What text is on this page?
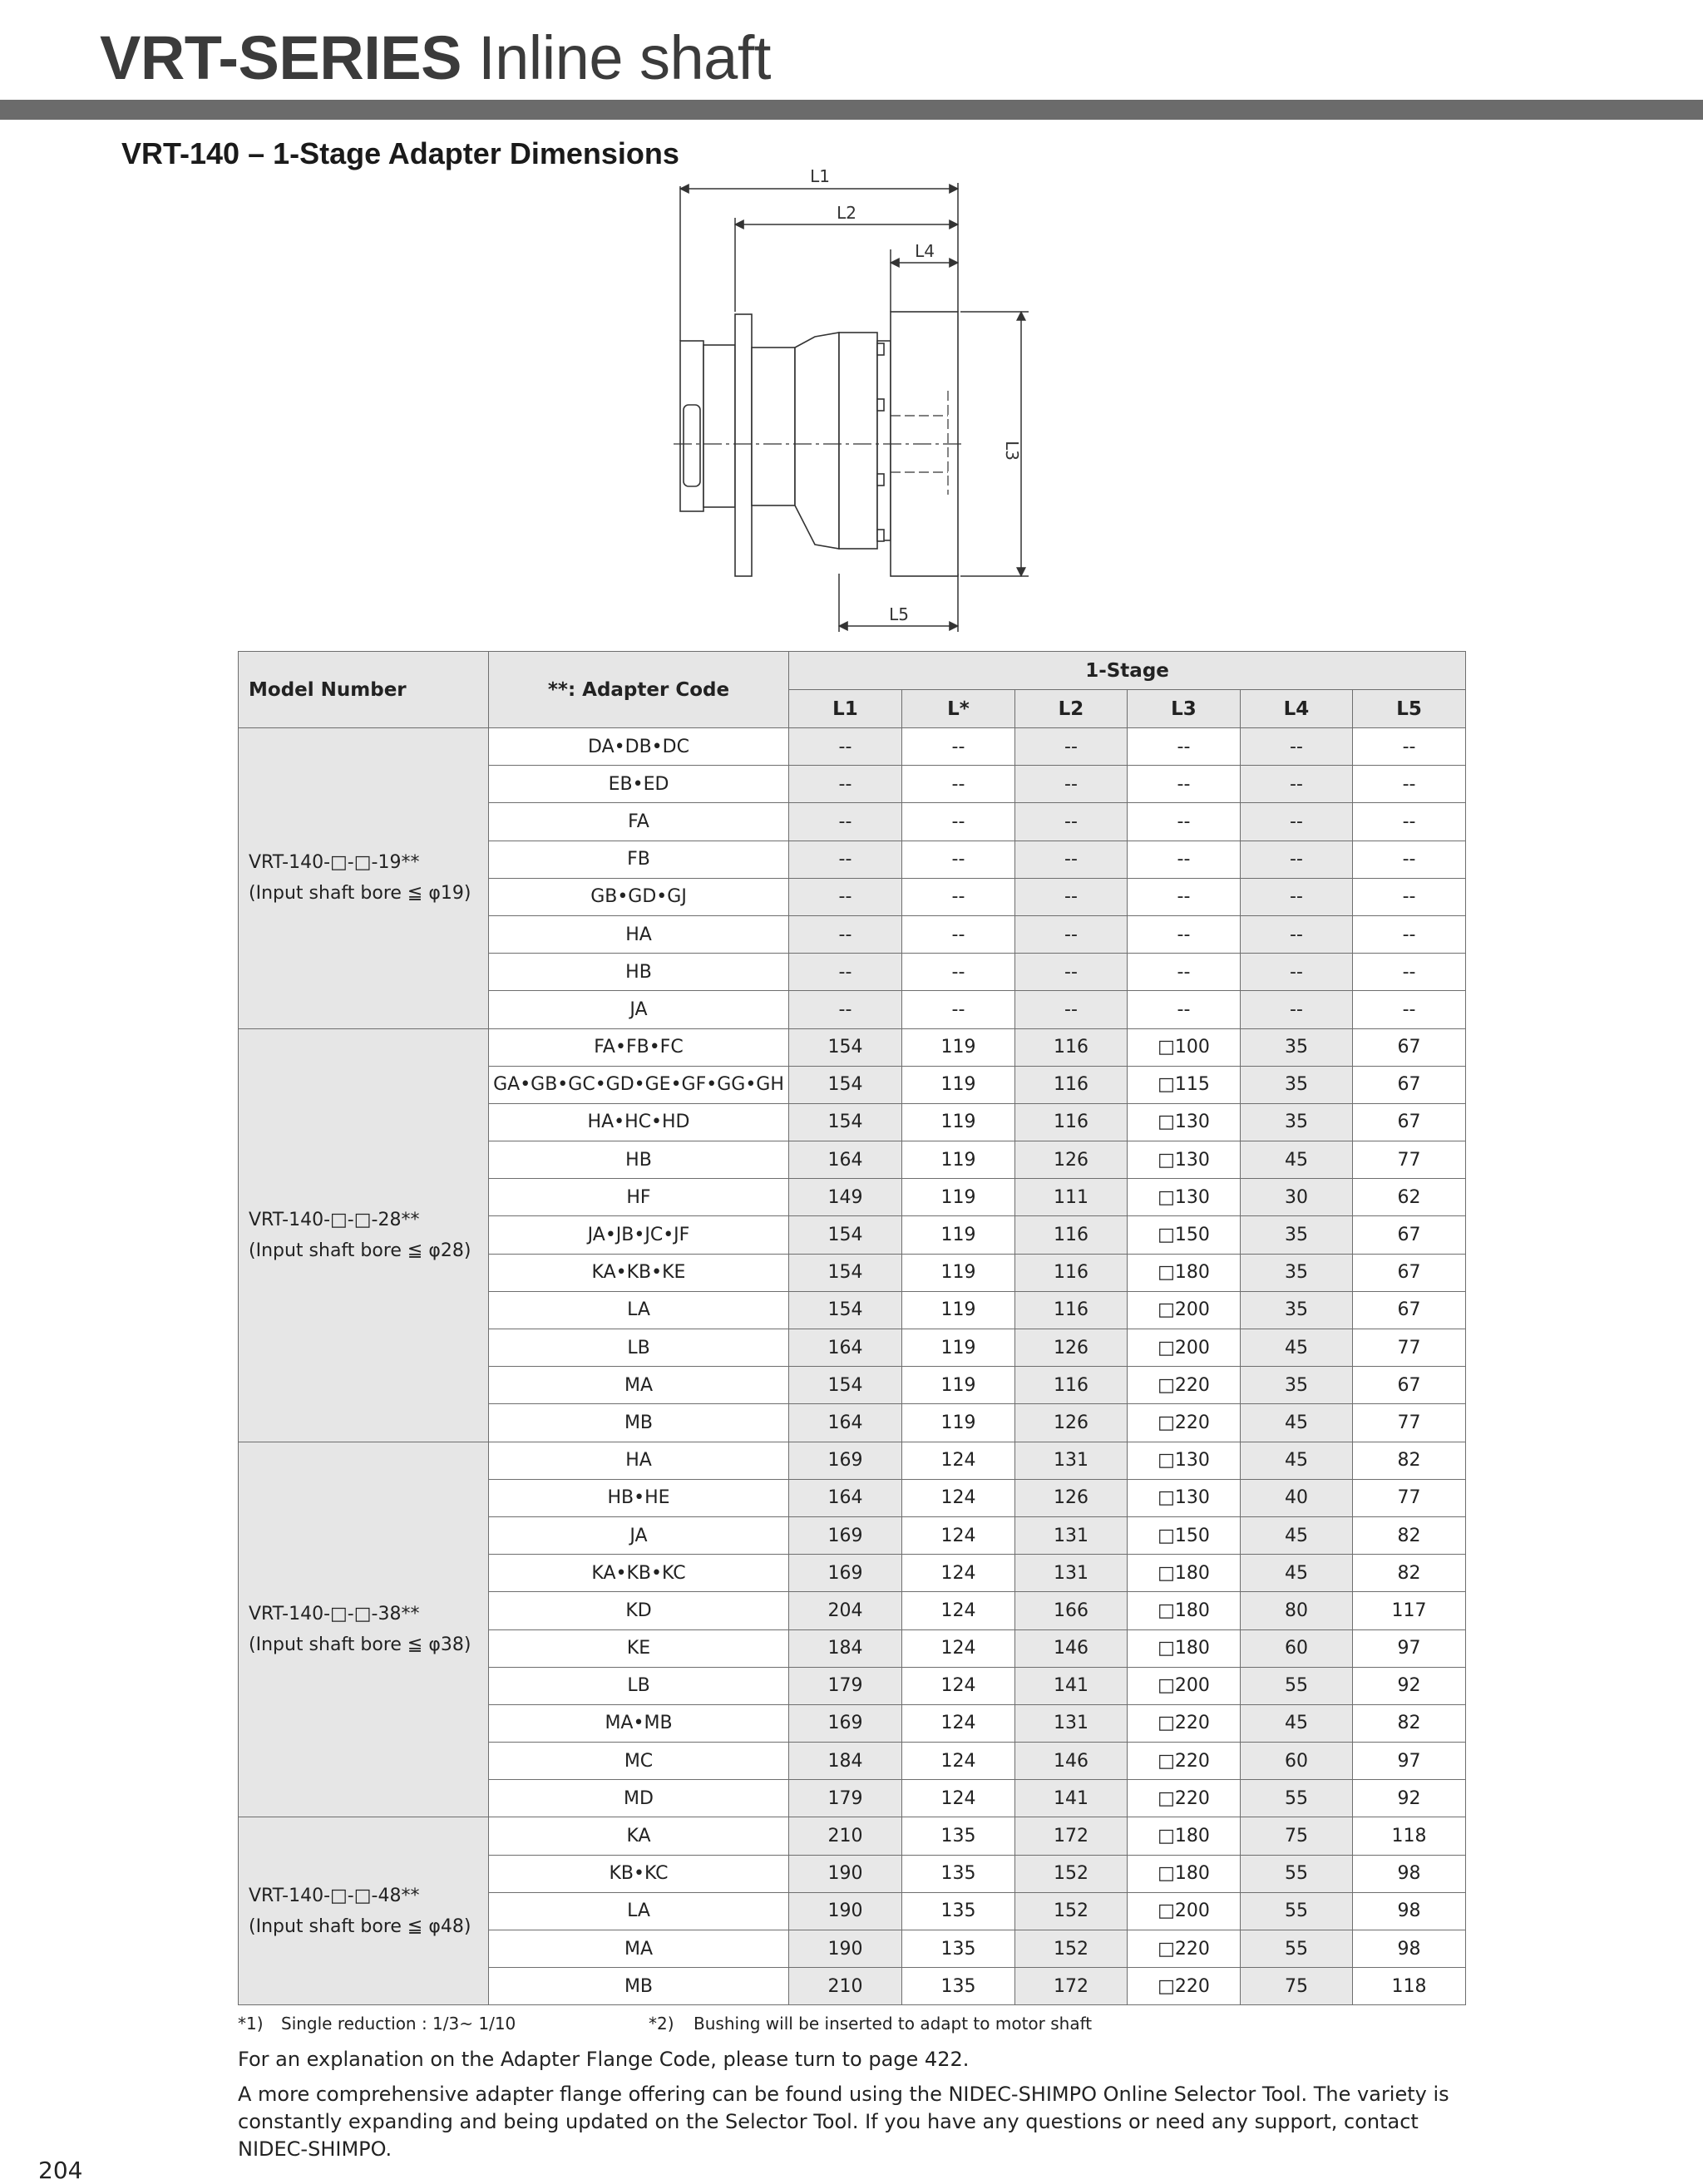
VRT-SERIES Inline shaft
VRT-140 – 1-Stage Adapter Dimensions
L1
L2
L4
L5
L3
Model Number	**: Adapter Code	1-Stage					
		L1	L*	L2	L3	L4	L5

VRT-140-□-□-19**
(Input shaft bore ≦ φ19)	DA•DB•DC	--	--	--	--	--	--
	EB•ED	--	--	--	--	--	--
	FA	--	--	--	--	--	--
	FB	--	--	--	--	--	--
	GB•GD•GJ	--	--	--	--	--	--
	HA	--	--	--	--	--	--
	HB	--	--	--	--	--	--
	JA	--	--	--	--	--	--

VRT-140-□-□-28**
(Input shaft bore ≦ φ28)	FA•FB•FC	154	119	116	□100	35	67
	GA•GB•GC•GD•GE•GF•GG•GH	154	119	116	□115	35	67
	HA•HC•HD	154	119	116	□130	35	67
	HB	164	119	126	□130	45	77
	HF	149	119	111	□130	30	62
	JA•JB•JC•JF	154	119	116	□150	35	67
	KA•KB•KE	154	119	116	□180	35	67
	LA	154	119	116	□200	35	67
	LB	164	119	126	□200	45	77
	MA	154	119	116	□220	35	67
	MB	164	119	126	□220	45	77

VRT-140-□-□-38**
(Input shaft bore ≦ φ38)	HA	169	124	131	□130	45	82
	HB•HE	164	124	126	□130	40	77
	JA	169	124	131	□150	45	82
	KA•KB•KC	169	124	131	□180	45	82
	KD	204	124	166	□180	80	117
	KE	184	124	146	□180	60	97
	LB	179	124	141	□200	55	92
	MA•MB	169	124	131	□220	45	82
	MC	184	124	146	□220	60	97
	MD	179	124	141	□220	55	92

VRT-140-□-□-48**
(Input shaft bore ≦ φ48)	KA	210	135	172	□180	75	118
	KB•KC	190	135	152	□180	55	98
	LA	190	135	152	□200	55	98
	MA	190	135	152	□220	55	98
	MB	210	135	172	□220	75	118
*1) Single reduction : 1/3~ 1/10	*2) Bushing will be inserted to adapt to motor shaft

For an explanation on the Adapter Flange Code, please turn to page 422.

A more comprehensive adapter flange offering can be found using the NIDEC-SHIMPO Online Selector Tool. The variety is constantly expanding and being updated on the Selector Tool. If you have any questions or need any support, contact NIDEC-SHIMPO.

204
